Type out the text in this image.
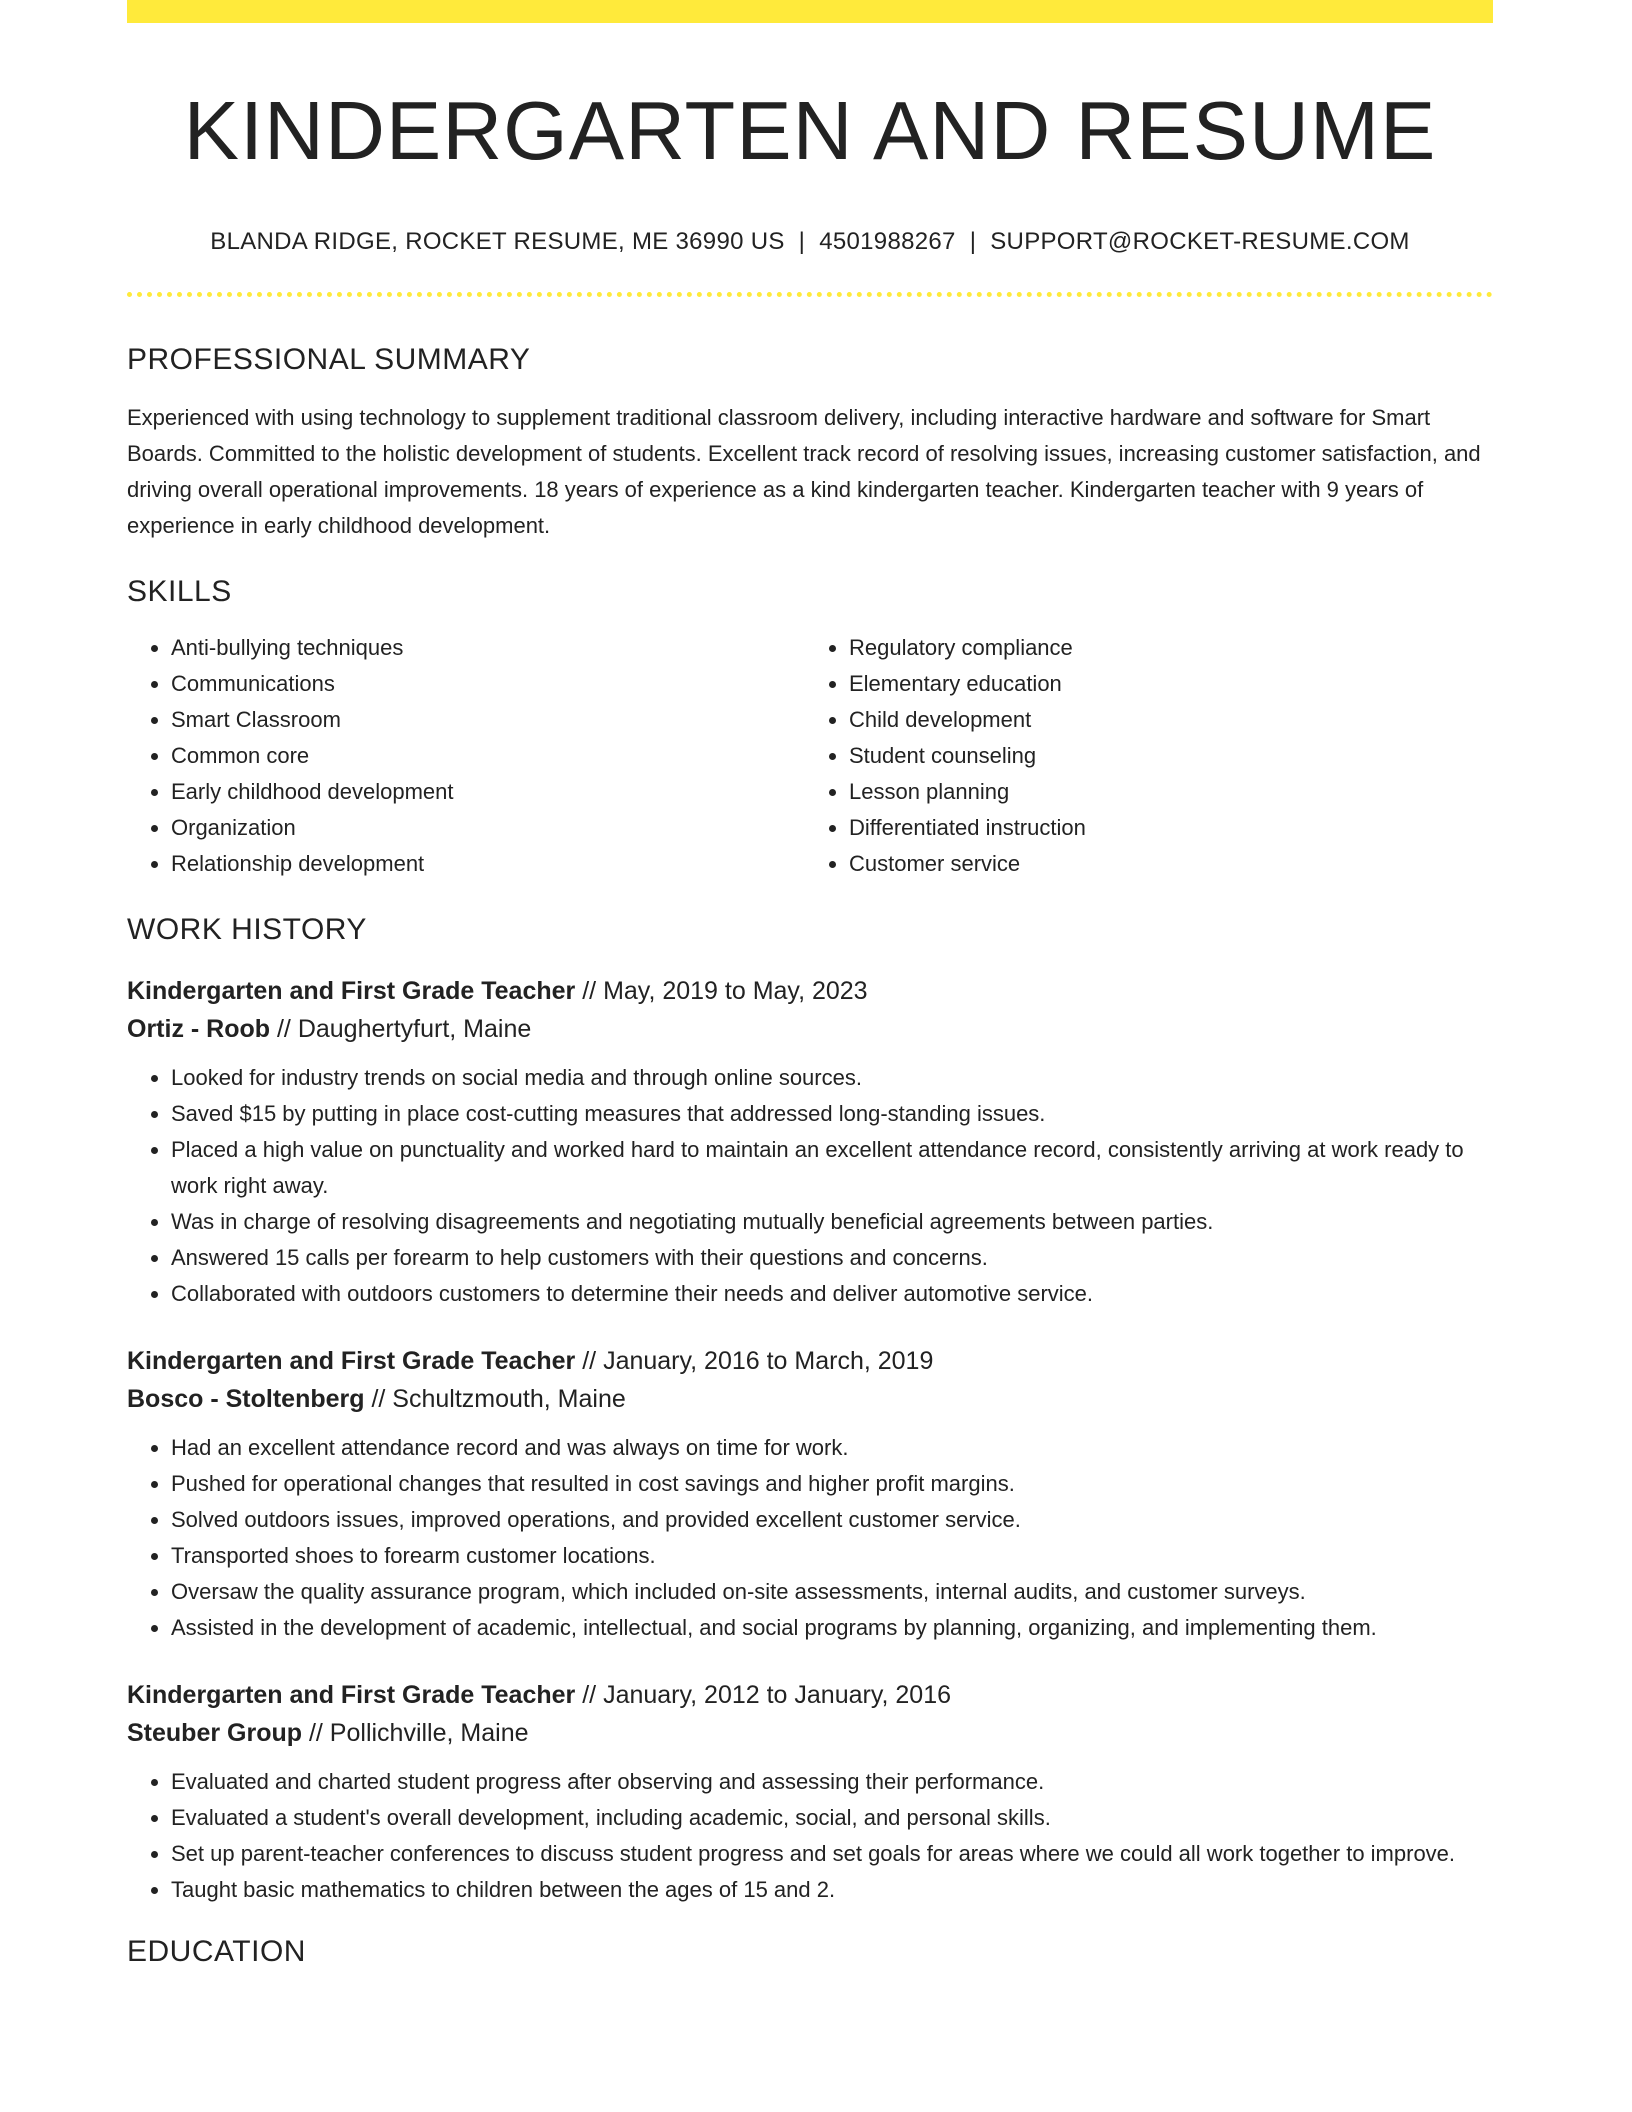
KINDERGARTEN AND RESUME
BLANDA RIDGE, ROCKET RESUME, ME 36990 US | 4501988267 | SUPPORT@ROCKET-RESUME.COM
PROFESSIONAL SUMMARY
Experienced with using technology to supplement traditional classroom delivery, including interactive hardware and software for Smart Boards. Committed to the holistic development of students. Excellent track record of resolving issues, increasing customer satisfaction, and driving overall operational improvements. 18 years of experience as a kind kindergarten teacher. Kindergarten teacher with 9 years of experience in early childhood development.
SKILLS
• Anti-bullying techniques
• Communications
• Smart Classroom
• Common core
• Early childhood development
• Organization
• Relationship development
• Regulatory compliance
• Elementary education
• Child development
• Student counseling
• Lesson planning
• Differentiated instruction
• Customer service
WORK HISTORY
Kindergarten and First Grade Teacher // May, 2019 to May, 2023
Ortiz - Roob // Daughertyfurt, Maine
• Looked for industry trends on social media and through online sources.
• Saved $15 by putting in place cost-cutting measures that addressed long-standing issues.
• Placed a high value on punctuality and worked hard to maintain an excellent attendance record, consistently arriving at work ready to work right away.
• Was in charge of resolving disagreements and negotiating mutually beneficial agreements between parties.
• Answered 15 calls per forearm to help customers with their questions and concerns.
• Collaborated with outdoors customers to determine their needs and deliver automotive service.
Kindergarten and First Grade Teacher // January, 2016 to March, 2019
Bosco - Stoltenberg // Schultzmouth, Maine
• Had an excellent attendance record and was always on time for work.
• Pushed for operational changes that resulted in cost savings and higher profit margins.
• Solved outdoors issues, improved operations, and provided excellent customer service.
• Transported shoes to forearm customer locations.
• Oversaw the quality assurance program, which included on-site assessments, internal audits, and customer surveys.
• Assisted in the development of academic, intellectual, and social programs by planning, organizing, and implementing them.
Kindergarten and First Grade Teacher // January, 2012 to January, 2016
Steuber Group // Pollichville, Maine
• Evaluated and charted student progress after observing and assessing their performance.
• Evaluated a student's overall development, including academic, social, and personal skills.
• Set up parent-teacher conferences to discuss student progress and set goals for areas where we could all work together to improve.
• Taught basic mathematics to children between the ages of 15 and 2.
EDUCATION
